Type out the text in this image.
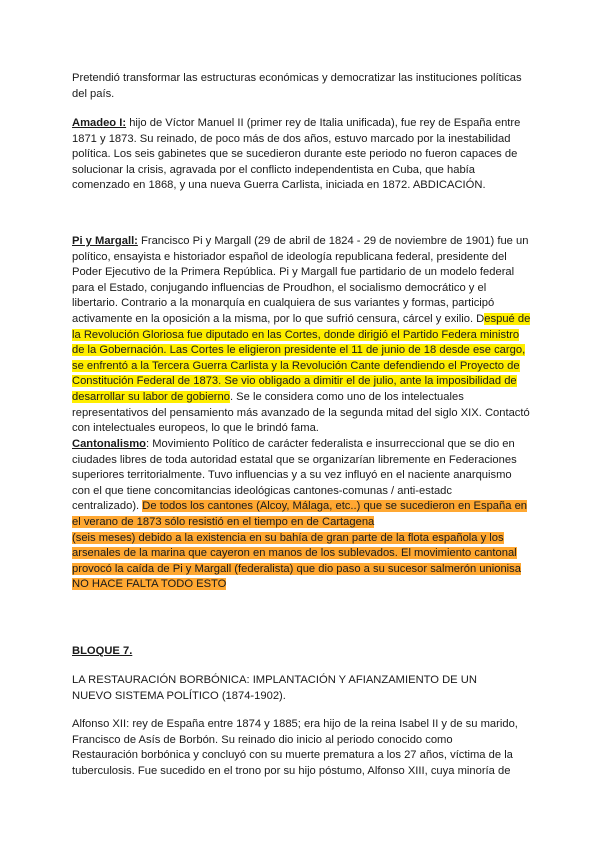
Pretendió transformar las estructuras económicas y democratizar las instituciones políticas
del país.
Amadeo I: hijo de Víctor Manuel II (primer rey de Italia unificada), fue rey de España entre
1871 y 1873. Su reinado, de poco más de dos años, estuvo marcado por la inestabilidad
política. Los seis gabinetes que se sucedieron durante este periodo no fueron capaces de
solucionar la crisis, agravada por el conflicto independentista en Cuba, que había
comenzado en 1868, y una nueva Guerra Carlista, iniciada en 1872. ABDICACIÓN.
Pi y Margall: Francisco Pi y Margall (29 de abril de 1824 - 29 de noviembre de 1901) fue un
político, ensayista e historiador español de ideología republicana federal, presidente del
Poder Ejecutivo de la Primera República. Pi y Margall fue partidario de un modelo federal
para el Estado, conjugando influencias de Proudhon, el socialismo democrático y el
libertario. Contrario a la monarquía en cualquiera de sus variantes y formas, participó
activamente en la oposición a la misma, por lo que sufrió censura, cárcel y exilio. Despué de
la Revolución Gloriosa fue diputado en las Cortes, donde dirigió el Partido Federa ministro
de la Gobernación. Las Cortes le eligieron presidente el 11 de junio de 18 desde ese cargo,
se enfrentó a la Tercera Guerra Carlista y la Revolución Cante defendiendo el Proyecto de
Constitución Federal de 1873. Se vio obligado a dimitir el de julio, ante la imposibilidad de
desarrollar su labor de gobierno. Se le considera como uno de los intelectuales
representativos del pensamiento más avanzado de la segunda mitad del siglo XIX. Contactó
con intelectuales europeos, lo que le brindó fama.
Cantonalismo: Movimiento Político de carácter federalista e insurreccional que se dio en
ciudades libres de toda autoridad estatal que se organizarían libremente en Federaciones
superiores territorialmente. Tuvo influencias y a su vez influyó en el naciente anarquismo
con el que tiene concomitancias ideológicas cantones-comunas / anti-estadc
centralizado). De todos los cantones (Alcoy, Málaga, etc..) que se sucedieron en España en
el verano de 1873 sólo resistió en el tiempo en de Cartagena
(seis meses) debido a la existencia en su bahía de gran parte de la flota española y los
arsenales de la marina que cayeron en manos de los sublevados. El movimiento cantonal
provocó la caída de Pi y Margall (federalista) que dio paso a su sucesor salmerón unionisa
NO HACE FALTA TODO ESTO
BLOQUE 7.
LA RESTAURACIÓN BORBÓNICA: IMPLANTACIÓN Y AFIANZAMIENTO DE UN
NUEVO SISTEMA POLÍTICO (1874-1902).
Alfonso XII: rey de España entre 1874 y 1885; era hijo de la reina Isabel II y de su marido,
Francisco de Asís de Borbón. Su reinado dio inicio al periodo conocido como
Restauración borbónica y concluyó con su muerte prematura a los 27 años, víctima de la
tuberculosis. Fue sucedido en el trono por su hijo póstumo, Alfonso XIII, cuya minoría de
